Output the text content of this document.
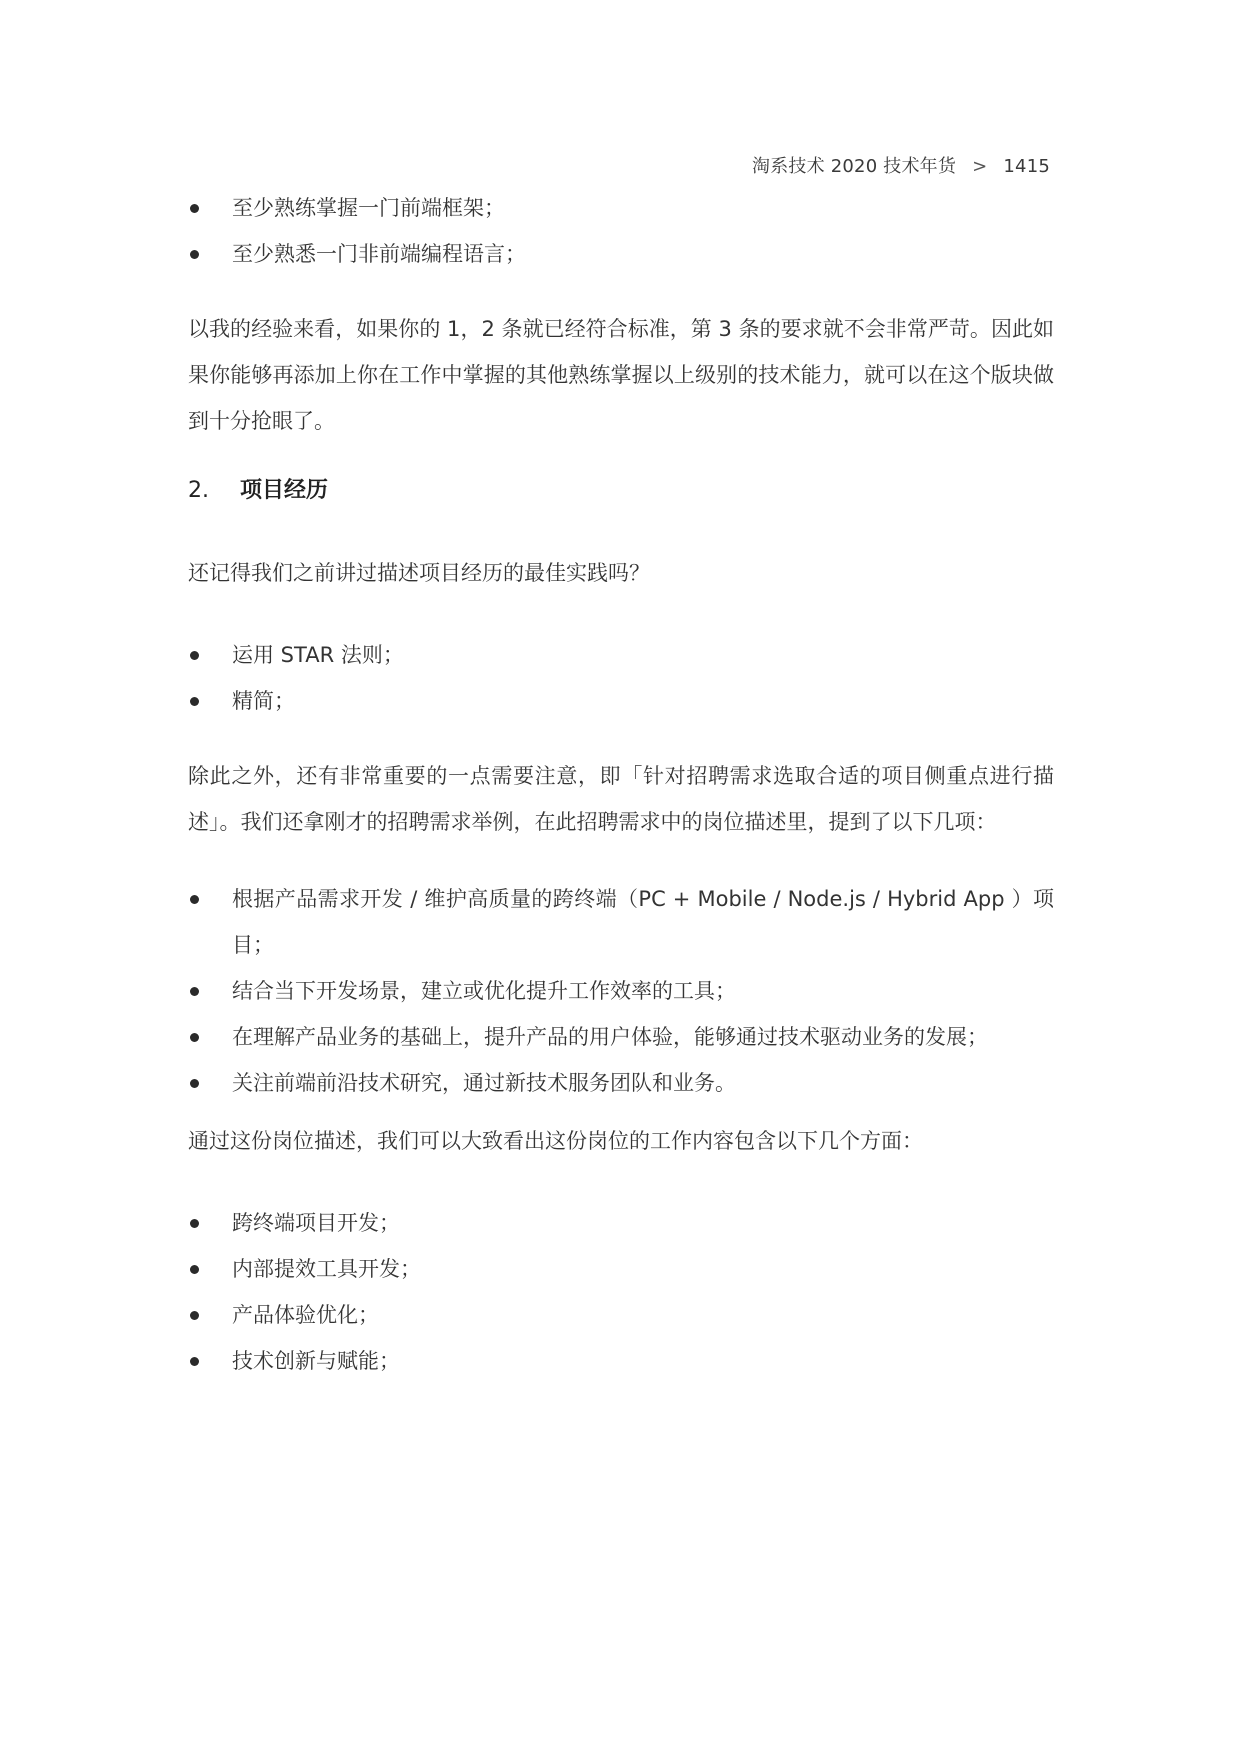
淘系技术 2020 技术年货 > 1415
至少熟练掌握一门前端框架；
至少熟悉一门非前端编程语言；

以我的经验来看，如果你的 1，2 条就已经符合标准，第 3 条的要求就不会非常严苛。因此如果你能够再添加上你在工作中掌握的其他熟练掌握以上级别的技术能力，就可以在这个版块做到十分抢眼了。

2. 项目经历

还记得我们之前讲过描述项目经历的最佳实践吗？

运用 STAR 法则；
精简；

除此之外，还有非常重要的一点需要注意，即「针对招聘需求选取合适的项目侧重点进行描述」。我们还拿刚才的招聘需求举例，在此招聘需求中的岗位描述里，提到了以下几项：

根据产品需求开发 / 维护高质量的跨终端（PC + Mobile / Node.js / Hybrid App ）项目；
结合当下开发场景，建立或优化提升工作效率的工具；
在理解产品业务的基础上，提升产品的用户体验，能够通过技术驱动业务的发展；
关注前端前沿技术研究，通过新技术服务团队和业务。

通过这份岗位描述，我们可以大致看出这份岗位的工作内容包含以下几个方面：

跨终端项目开发；
内部提效工具开发；
产品体验优化；
技术创新与赋能；
